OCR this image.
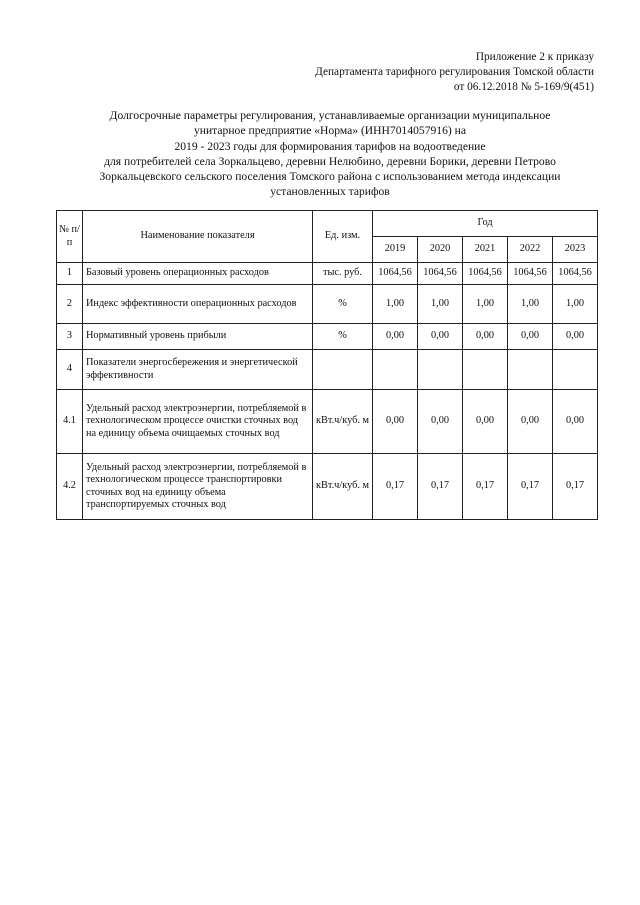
Приложение 2 к приказу
Департамента тарифного регулирования Томской области
от 06.12.2018 № 5-169/9(451)
Долгосрочные параметры регулирования, устанавливаемые организации муниципальное
унитарное предприятие «Норма» (ИНН7014057916) на
2019 - 2023 годы для формирования тарифов на водоотведение
для потребителей села Зоркальцево, деревни Нелюбино, деревни Борики, деревни Петрово
Зоркальцевского сельского поселения Томского района с использованием метода индексации
установленных тарифов
№ п/п	Наименование показателя	Ед. изм.	Год				
			2019	2020	2021	2022	2023
1	Базовый уровень операционных расходов	тыс. руб.	1064,56	1064,56	1064,56	1064,56	1064,56
2	Индекс эффективности операционных расходов	%	1,00	1,00	1,00	1,00	1,00
3	Нормативный уровень прибыли	%	0,00	0,00	0,00	0,00	0,00
4	Показатели энергосбережения и энергетической эффективности						
4.1	Удельный расход электроэнергии, потребляемой в технологическом процессе очистки сточных вод на единицу объема очищаемых сточных вод	кВт.ч/куб. м	0,00	0,00	0,00	0,00	0,00
4.2	Удельный расход электроэнергии, потребляемой в технологическом процессе транспортировки сточных вод на единицу объема транспортируемых сточных вод	кВт.ч/куб. м	0,17	0,17	0,17	0,17	0,17
